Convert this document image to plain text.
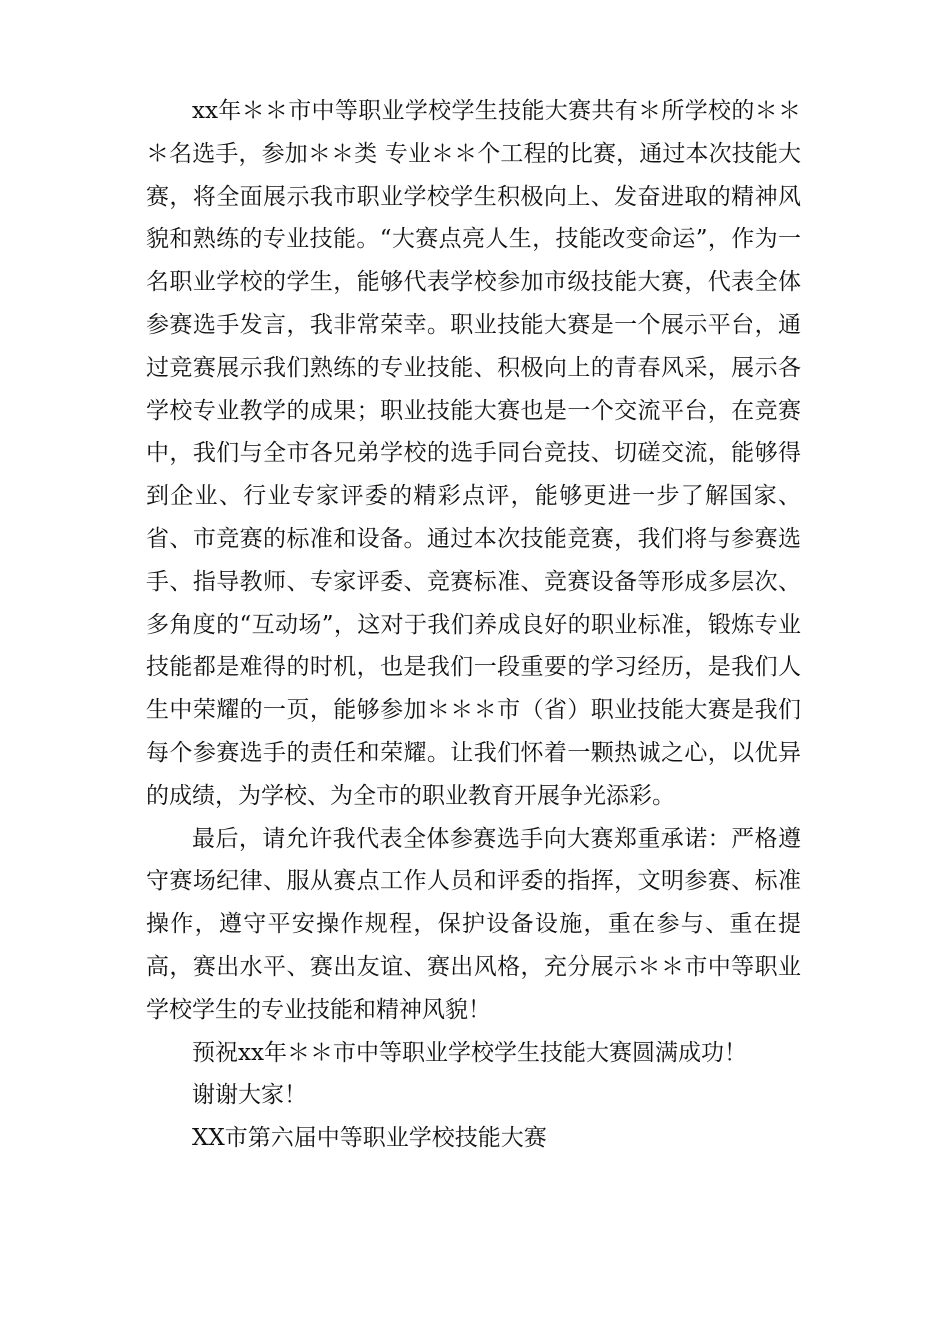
xx年＊＊市中等职业学校学生技能大赛共有＊所学校的＊＊＊名选手，参加＊＊类 专业＊＊个工程的比赛，通过本次技能大赛，将全面展示我市职业学校学生积极向上、发奋进取的精神风貌和熟练的专业技能。“大赛点亮人生，技能改变命运”，作为一名职业学校的学生，能够代表学校参加市级技能大赛，代表全体参赛选手发言，我非常荣幸。职业技能大赛是一个展示平台，通过竞赛展示我们熟练的专业技能、积极向上的青春风采，展示各学校专业教学的成果；职业技能大赛也是一个交流平台，在竞赛中，我们与全市各兄弟学校的选手同台竞技、切磋交流，能够得到企业、行业专家评委的精彩点评，能够更进一步了解国家、省、市竞赛的标准和设备。通过本次技能竞赛，我们将与参赛选手、指导教师、专家评委、竞赛标准、竞赛设备等形成多层次、多角度的“互动场”，这对于我们养成良好的职业标准，锻炼专业技能都是难得的时机，也是我们一段重要的学习经历，是我们人生中荣耀的一页，能够参加＊＊＊市（省）职业技能大赛是我们每个参赛选手的责任和荣耀。让我们怀着一颗热诚之心，以优异的成绩，为学校、为全市的职业教育开展争光添彩。

最后，请允许我代表全体参赛选手向大赛郑重承诺：严格遵守赛场纪律、服从赛点工作人员和评委的指挥，文明参赛、标准操作，遵守平安操作规程，保护设备设施，重在参与、重在提高，赛出水平、赛出友谊、赛出风格，充分展示＊＊市中等职业学校学生的专业技能和精神风貌！

预祝xx年＊＊市中等职业学校学生技能大赛圆满成功！

谢谢大家！

XX市第六届中等职业学校技能大赛
